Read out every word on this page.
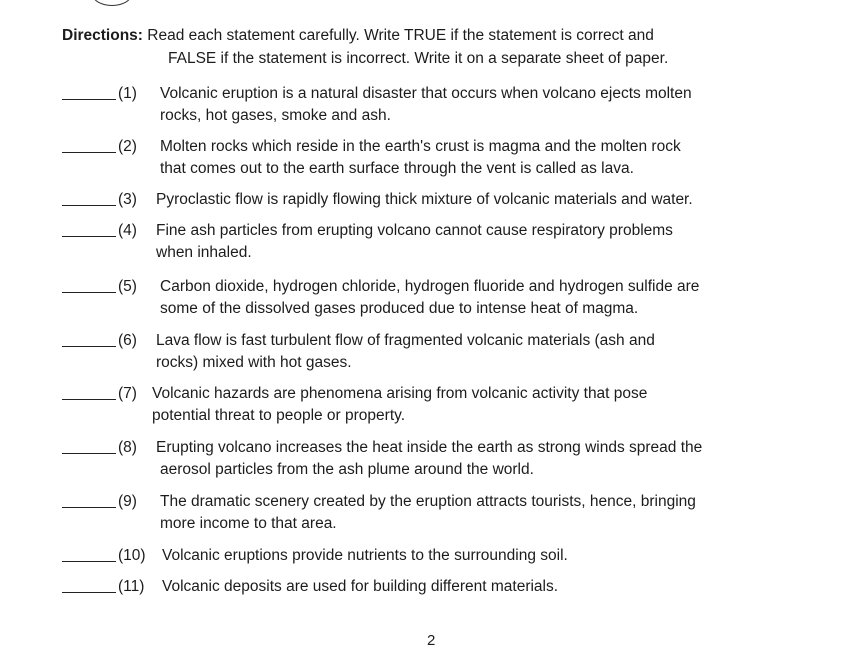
Directions: Read each statement carefully. Write TRUE if the statement is correct and
FALSE if the statement is incorrect. Write it on a separate sheet of paper.
(1) Volcanic eruption is a natural disaster that occurs when volcano ejects molten
rocks, hot gases, smoke and ash.
(2) Molten rocks which reside in the earth's crust is magma and the molten rock
that comes out to the earth surface through the vent is called as lava.
(3) Pyroclastic flow is rapidly flowing thick mixture of volcanic materials and water.
(4) Fine ash particles from erupting volcano cannot cause respiratory problems
when inhaled.
(5) Carbon dioxide, hydrogen chloride, hydrogen fluoride and hydrogen sulfide are
some of the dissolved gases produced due to intense heat of magma.
(6) Lava flow is fast turbulent flow of fragmented volcanic materials (ash and
rocks) mixed with hot gases.
(7) Volcanic hazards are phenomena arising from volcanic activity that pose
potential threat to people or property.
(8) Erupting volcano increases the heat inside the earth as strong winds spread the
aerosol particles from the ash plume around the world.
(9) The dramatic scenery created by the eruption attracts tourists, hence, bringing
more income to that area.
(10) Volcanic eruptions provide nutrients to the surrounding soil.
(11) Volcanic deposits are used for building different materials.
2
